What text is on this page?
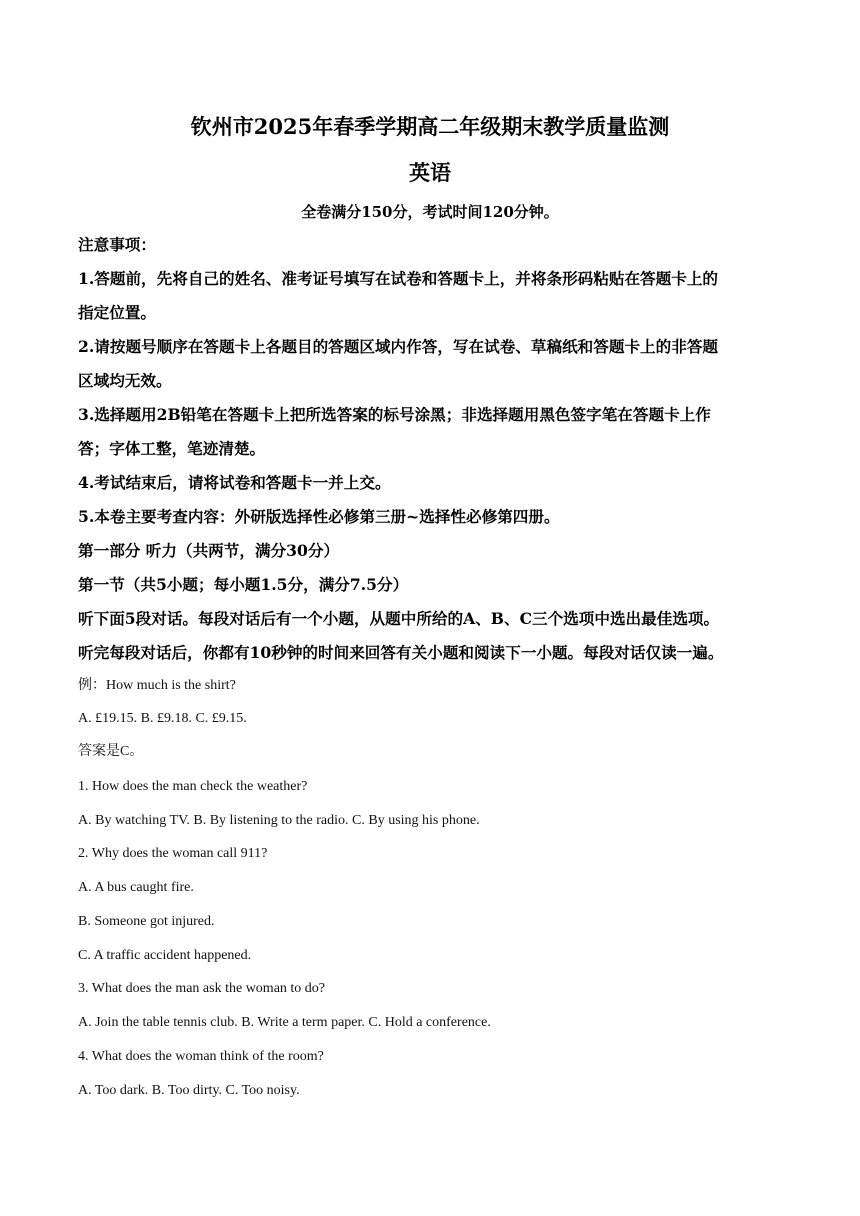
钦州市2025年春季学期高二年级期末教学质量监测
英语
全卷满分150分，考试时间120分钟。
注意事项：
1.答题前，先将自己的姓名、准考证号填写在试卷和答题卡上，并将条形码粘贴在答题卡上的
指定位置。
2.请按题号顺序在答题卡上各题目的答题区域内作答，写在试卷、草稿纸和答题卡上的非答题
区域均无效。
3.选择题用2B铅笔在答题卡上把所选答案的标号涂黑；非选择题用黑色签字笔在答题卡上作
答；字体工整，笔迹清楚。
4.考试结束后，请将试卷和答题卡一并上交。
5.本卷主要考查内容：外研版选择性必修第三册~选择性必修第四册。
第一部分 听力（共两节，满分30分）
第一节（共5小题；每小题1.5分，满分7.5分）
听下面5段对话。每段对话后有一个小题，从题中所给的A、B、C三个选项中选出最佳选项。
听完每段对话后，你都有10秒钟的时间来回答有关小题和阅读下一小题。每段对话仅读一遍。
例：How much is the shirt?
A. £19.15. B. £9.18. C. £9.15.
答案是C。
1. How does the man check the weather?
A. By watching TV. B. By listening to the radio. C. By using his phone.
2. Why does the woman call 911?
A. A bus caught fire.
B. Someone got injured.
C. A traffic accident happened.
3. What does the man ask the woman to do?
A. Join the table tennis club. B. Write a term paper. C. Hold a conference.
4. What does the woman think of the room?
A. Too dark. B. Too dirty. C. Too noisy.
